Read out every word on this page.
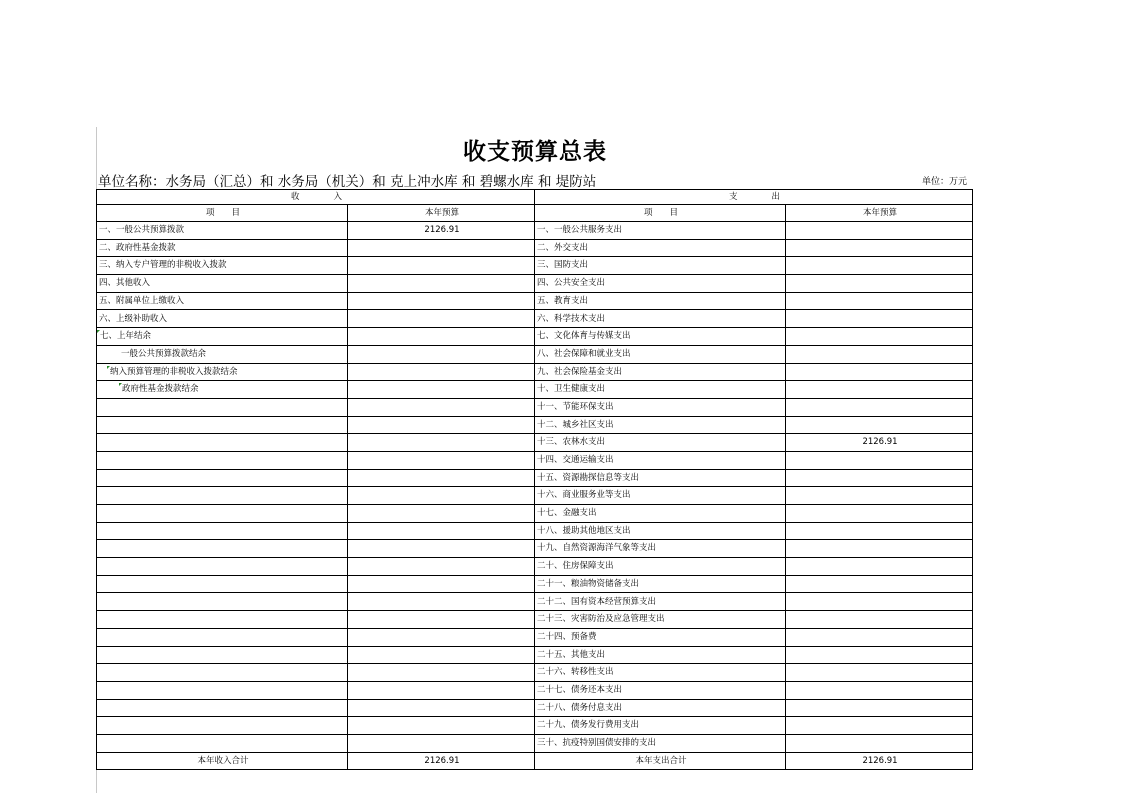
收支预算总表
单位名称：水务局（汇总）和 水务局（机关）和 克上冲水库 和 碧螺水库 和 堤防站	单位：万元
收　　　　入		支　　　　出	
项　　目	本年预算	项　　目	本年预算
一、一般公共预算拨款	2126.91	一、一般公共服务支出	
二、政府性基金拨款		二、外交支出	
三、纳入专户管理的非税收入拨款		三、国防支出	
四、其他收入		四、公共安全支出	
五、附属单位上缴收入		五、教育支出	
六、上级补助收入		六、科学技术支出	
七、上年结余		七、文化体育与传媒支出	
一般公共预算拨款结余		八、社会保障和就业支出	
纳入预算管理的非税收入拨款结余		九、社会保险基金支出	
政府性基金拨款结余		十、卫生健康支出	
		十一、节能环保支出	
		十二、城乡社区支出	
		十三、农林水支出	2126.91
		十四、交通运输支出	
		十五、资源勘探信息等支出	
		十六、商业服务业等支出	
		十七、金融支出	
		十八、援助其他地区支出	
		十九、自然资源海洋气象等支出	
		二十、住房保障支出	
		二十一、粮油物资储备支出	
		二十二、国有资本经营预算支出	
		二十三、灾害防治及应急管理支出	
		二十四、预备费	
		二十五、其他支出	
		二十六、转移性支出	
		二十七、债务还本支出	
		二十八、债务付息支出	
		二十九、债务发行费用支出	
		三十、抗疫特别国债安排的支出	
本年收入合计	2126.91	本年支出合计	2126.91
